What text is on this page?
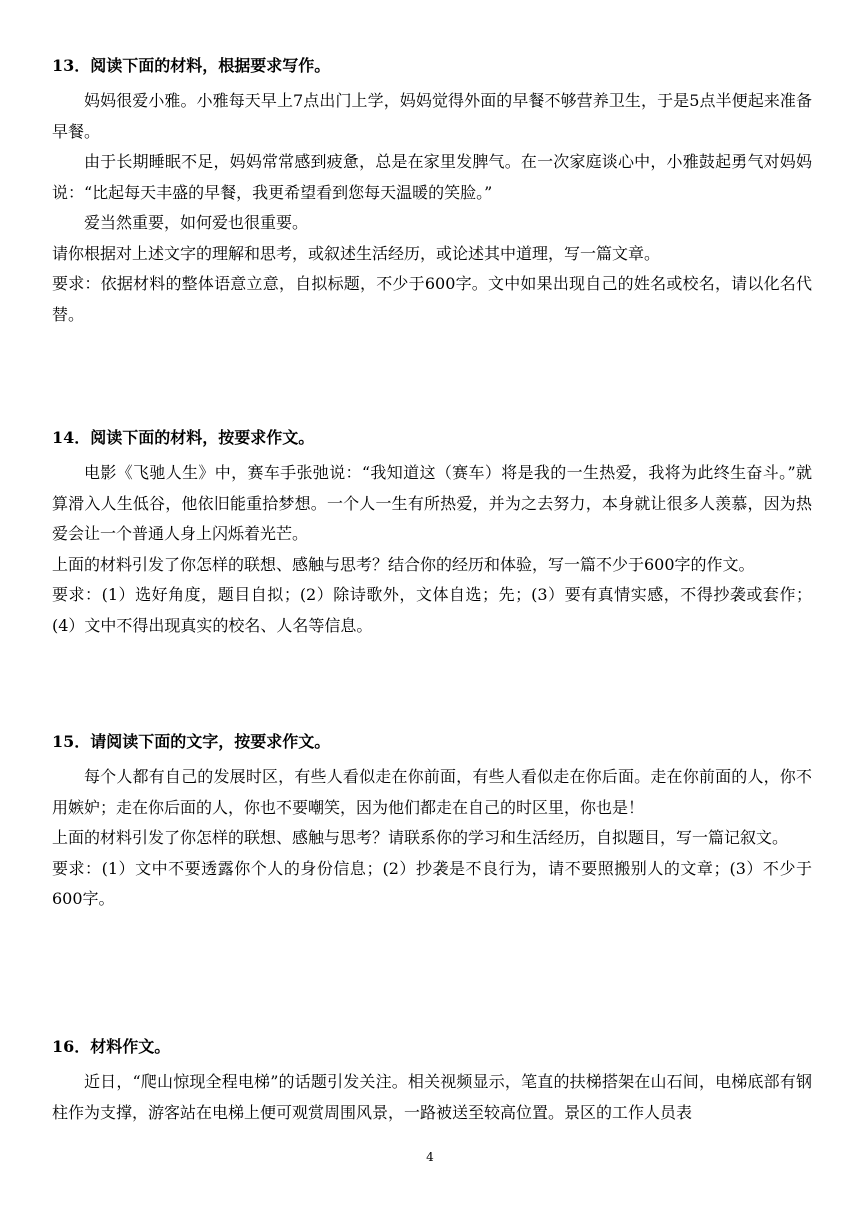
13．阅读下面的材料，根据要求写作。

妈妈很爱小雅。小雅每天早上7点出门上学，妈妈觉得外面的早餐不够营养卫生，于是5点半便起来准备早餐。

由于长期睡眠不足，妈妈常常感到疲惫，总是在家里发脾气。在一次家庭谈心中，小雅鼓起勇气对妈妈说：“比起每天丰盛的早餐，我更希望看到您每天温暖的笑脸。”

爱当然重要，如何爱也很重要。

请你根据对上述文字的理解和思考，或叙述生活经历，或论述其中道理，写一篇文章。

要求：依据材料的整体语意立意，自拟标题，不少于600字。文中如果出现自己的姓名或校名，请以化名代替。

14．阅读下面的材料，按要求作文。

电影《飞驰人生》中，赛车手张弛说：“我知道这（赛车）将是我的一生热爱，我将为此终生奋斗。”就算滑入人生低谷，他依旧能重拾梦想。一个人一生有所热爱，并为之去努力，本身就让很多人羡慕，因为热爱会让一个普通人身上闪烁着光芒。

上面的材料引发了你怎样的联想、感触与思考？结合你的经历和体验，写一篇不少于600字的作文。

要求：(1）选好角度，题目自拟；(2）除诗歌外，文体自选；先；(3）要有真情实感，不得抄袭或套作；(4）文中不得出现真实的校名、人名等信息。

15．请阅读下面的文字，按要求作文。

每个人都有自己的发展时区，有些人看似走在你前面，有些人看似走在你后面。走在你前面的人，你不用嫉妒；走在你后面的人，你也不要嘲笑，因为他们都走在自己的时区里，你也是！

上面的材料引发了你怎样的联想、感触与思考？请联系你的学习和生活经历，自拟题目，写一篇记叙文。

要求：(1）文中不要透露你个人的身份信息；(2）抄袭是不良行为，请不要照搬别人的文章；(3）不少于600字。

16．材料作文。

近日，“爬山惊现全程电梯”的话题引发关注。相关视频显示，笔直的扶梯搭架在山石间，电梯底部有钢柱作为支撑，游客站在电梯上便可观赏周围风景，一路被送至较高位置。景区的工作人员表

4
